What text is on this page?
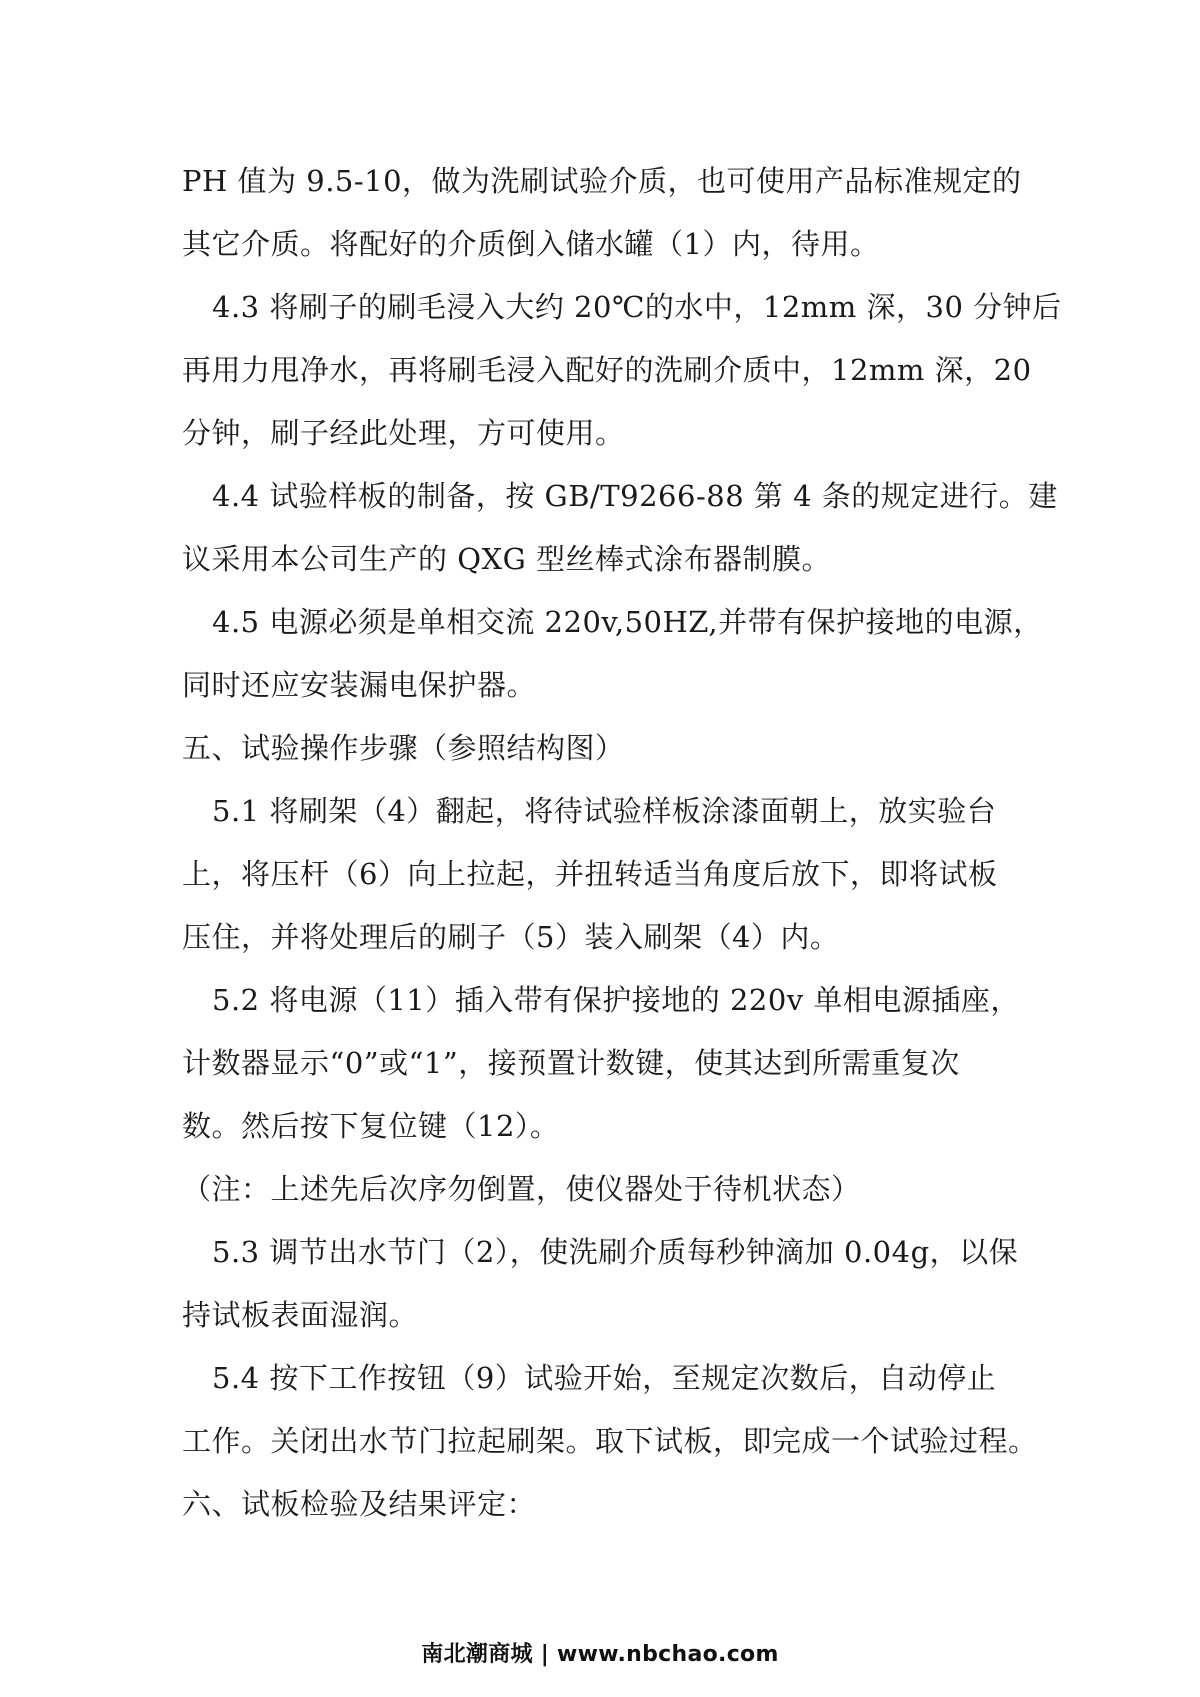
PH 值为 9.5-10，做为洗刷试验介质，也可使用产品标准规定的
其它介质。将配好的介质倒入储水罐（1）内，待用。
4.3 将刷子的刷毛浸入大约 20℃的水中，12mm 深，30 分钟后
再用力甩净水，再将刷毛浸入配好的洗刷介质中，12mm 深，20
分钟，刷子经此处理，方可使用。
4.4 试验样板的制备，按 GB/T9266-88 第 4 条的规定进行。建
议采用本公司生产的 QXG 型丝棒式涂布器制膜。
4.5 电源必须是单相交流 220v,50HZ,并带有保护接地的电源，
同时还应安装漏电保护器。
五、试验操作步骤（参照结构图）
5.1 将刷架（4）翻起，将待试验样板涂漆面朝上，放实验台
上，将压杆（6）向上拉起，并扭转适当角度后放下，即将试板
压住，并将处理后的刷子（5）装入刷架（4）内。
5.2 将电源（11）插入带有保护接地的 220v 单相电源插座，
计数器显示“0”或“1”，接预置计数键，使其达到所需重复次
数。然后按下复位键（12）。
（注：上述先后次序勿倒置，使仪器处于待机状态）
5.3 调节出水节门（2），使洗刷介质每秒钟滴加 0.04g，以保
持试板表面湿润。
5.4 按下工作按钮（9）试验开始，至规定次数后，自动停止
工作。关闭出水节门拉起刷架。取下试板，即完成一个试验过程。
六、试板检验及结果评定：
南北潮商城 | www.nbchao.com
